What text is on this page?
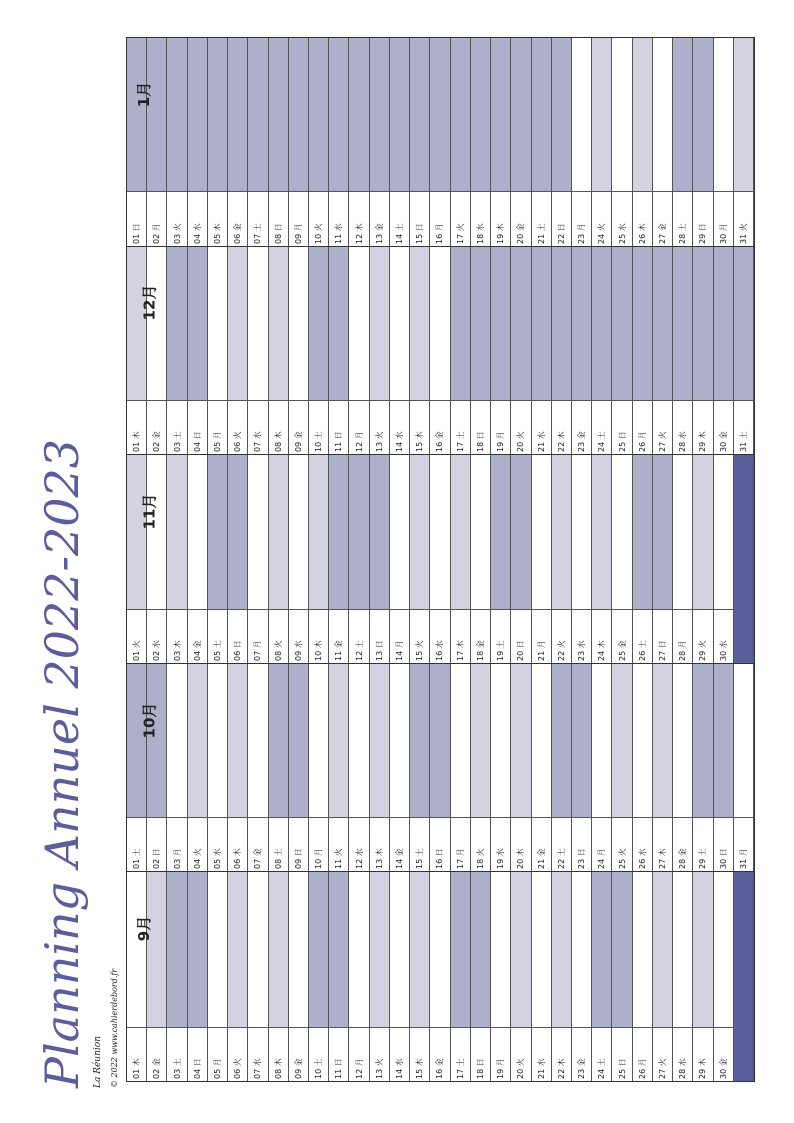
Planning Annuel 2022-2023 La Réunion © 2022 www.cahierdebord.fr 01 木 02 金 03 土 04 日 05 月 06 火 07 水 08 木 09 金 10 土 11 日 12 月 13 火 14 水 15 木 16 金 17 土 18 日 19 月 20 火 21 水 22 木 23 金 24 土 25 日 26 月 27 火 28 水 29 木 30 金
9月
01 土 02 日 03 月 04 火 05 水 06 木 07 金 08 土 09 日 10 月 11 火 12 水 13 木 14 金 15 土 16 日 17 月 18 火 19 水 20 木 21 金 22 土 23 日 24 月 25 火 26 水 27 木 28 金 29 土 30 日 31 月
10月
01 火 02 水 03 木 04 金 05 土 06 日 07 月 08 火 09 水 10 木 11 金 12 土 13 日 14 月 15 火 16 水 17 木 18 金 19 土 20 日 21 月 22 火 23 水 24 木 25 金 26 土 27 日 28 月 29 火 30 水
11月
01 木 02 金 03 土 04 日 05 月 06 火 07 水 08 木 09 金 10 土 11 日 12 月 13 火 14 水 15 木 16 金 17 土 18 日 19 月 20 火 21 水 22 木 23 金 24 土 25 日 26 月 27 火 28 水 29 木 30 金 31 土
12月
01 日 02 月 03 火 04 水 05 木 06 金 07 土 08 日 09 月 10 火 11 水 12 木 13 金 14 土 15 日 16 月 17 火 18 水 19 木 20 金 21 土 22 日 23 月 24 火 25 水 26 木 27 金 28 土 29 日 30 月 31 火
1月
